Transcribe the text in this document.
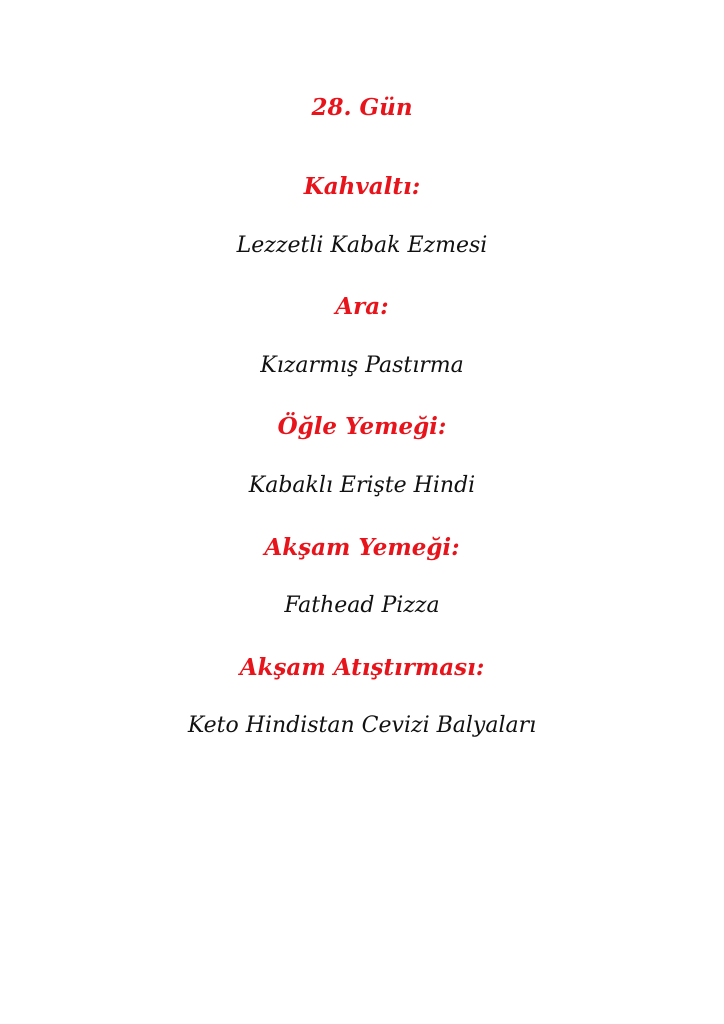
28. Gün
Kahvaltı:
Lezzetli Kabak Ezmesi
Ara:
Kızarmış Pastırma
Öğle Yemeği:
Kabaklı Erişte Hindi
Akşam Yemeği:
Fathead Pizza
Akşam Atıştırması:
Keto Hindistan Cevizi Balyaları
